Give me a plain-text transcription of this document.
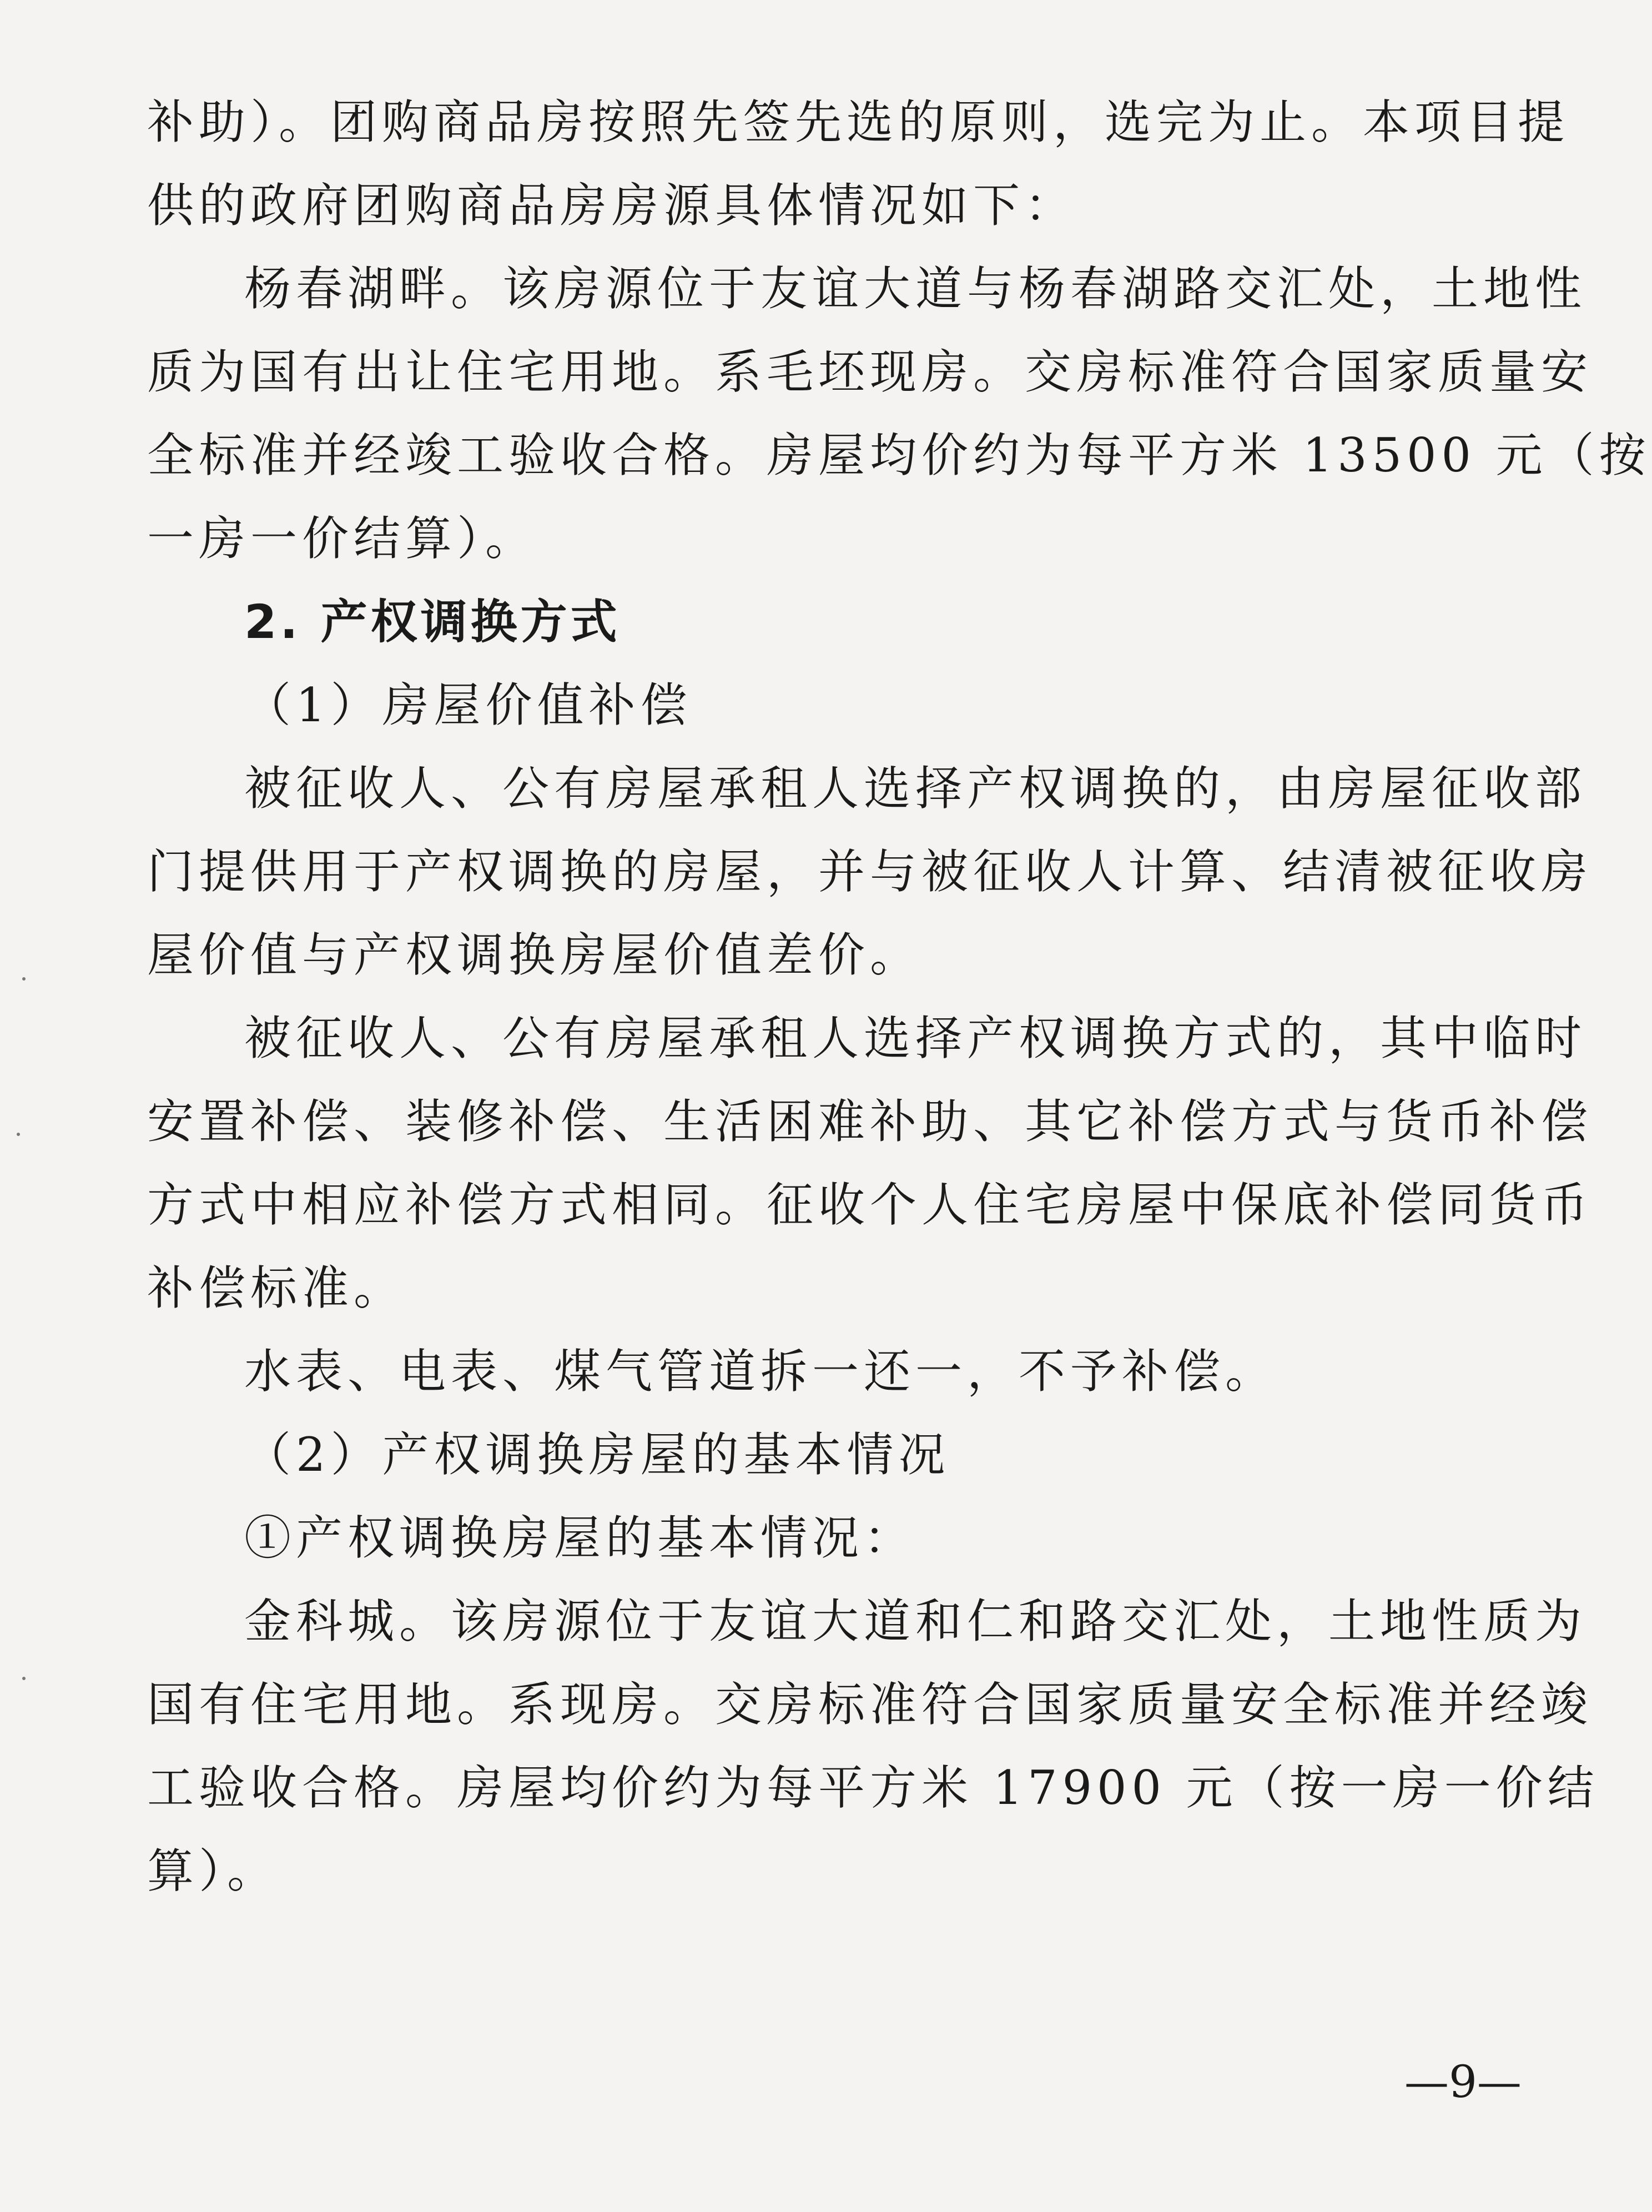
补助）。团购商品房按照先签先选的原则，选完为止。本项目提
供的政府团购商品房房源具体情况如下：
杨春湖畔。该房源位于友谊大道与杨春湖路交汇处，土地性
质为国有出让住宅用地。系毛坯现房。交房标准符合国家质量安
全标准并经竣工验收合格。房屋均价约为每平方米 13500 元（按
一房一价结算）。
2. 产权调换方式
（1）房屋价值补偿
被征收人、公有房屋承租人选择产权调换的，由房屋征收部
门提供用于产权调换的房屋，并与被征收人计算、结清被征收房
屋价值与产权调换房屋价值差价。
被征收人、公有房屋承租人选择产权调换方式的，其中临时
安置补偿、装修补偿、生活困难补助、其它补偿方式与货币补偿
方式中相应补偿方式相同。征收个人住宅房屋中保底补偿同货币
补偿标准。
水表、电表、煤气管道拆一还一，不予补偿。
（2）产权调换房屋的基本情况
①产权调换房屋的基本情况：
金科城。该房源位于友谊大道和仁和路交汇处，土地性质为
国有住宅用地。系现房。交房标准符合国家质量安全标准并经竣
工验收合格。房屋均价约为每平方米 17900 元（按一房一价结
算）。
—9—
